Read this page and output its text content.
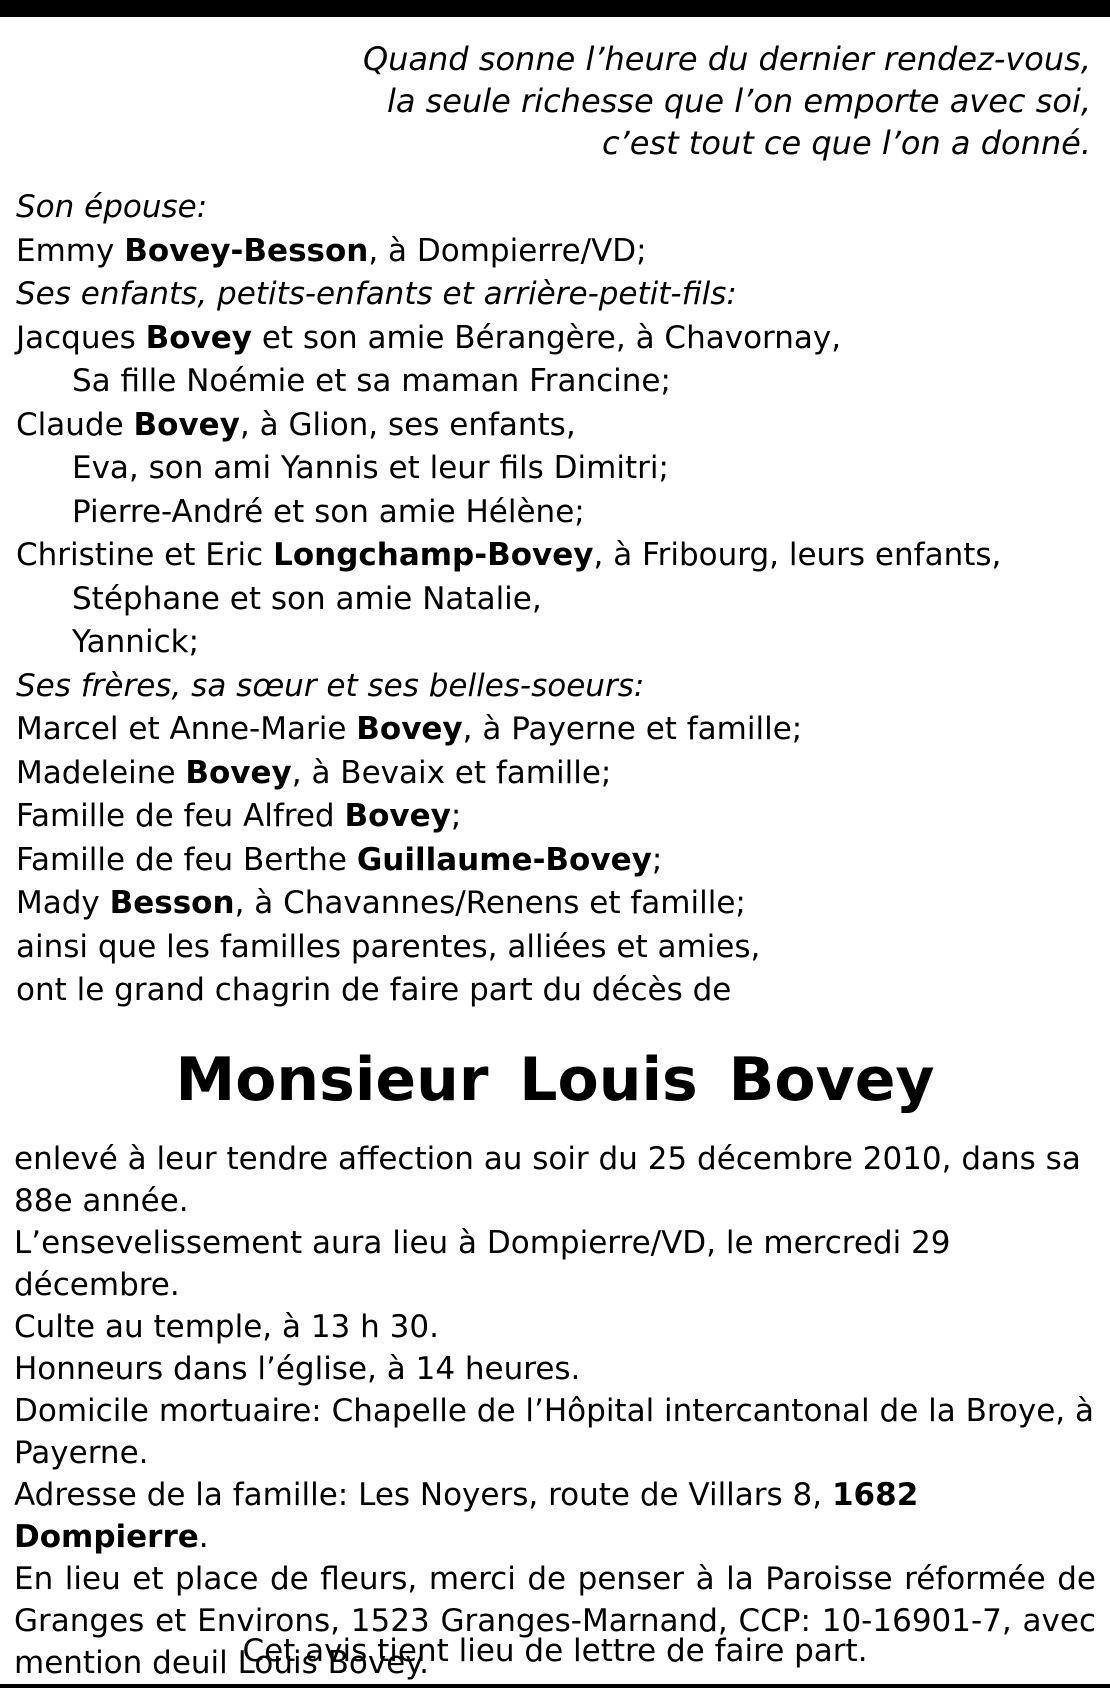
Quand sonne l’heure du dernier rendez-vous,
la seule richesse que l’on emporte avec soi,
c’est tout ce que l’on a donné.
Son épouse:
Emmy Bovey-Besson, à Dompierre/VD;
Ses enfants, petits-enfants et arrière-petit-fils:
Jacques Bovey et son amie Bérangère, à Chavornay,
Sa fille Noémie et sa maman Francine;
Claude Bovey, à Glion, ses enfants,
Eva, son ami Yannis et leur fils Dimitri;
Pierre-André et son amie Hélène;
Christine et Eric Longchamp-Bovey, à Fribourg, leurs enfants,
Stéphane et son amie Natalie,
Yannick;
Ses frères, sa sœur et ses belles-soeurs:
Marcel et Anne-Marie Bovey, à Payerne et famille;
Madeleine Bovey, à Bevaix et famille;
Famille de feu Alfred Bovey;
Famille de feu Berthe Guillaume-Bovey;
Mady Besson, à Chavannes/Renens et famille;
ainsi que les familles parentes, alliées et amies,
ont le grand chagrin de faire part du décès de
Monsieur Louis Bovey

enlevé à leur tendre affection au soir du 25 décembre 2010, dans sa 88e année.

L’ensevelissement aura lieu à Dompierre/VD, le mercredi 29 décembre.

Culte au temple, à 13 h 30.

Honneurs dans l’église, à 14 heures.

Domicile mortuaire: Chapelle de l’Hôpital intercantonal de la Broye, à Payerne.

Adresse de la famille: Les Noyers, route de Villars 8, 1682 Dompierre.

En lieu et place de fleurs, merci de penser à la Paroisse réformée de Granges et Environs, 1523 Granges-Marnand, CCP: 10-16901-7, avec mention deuil Louis Bovey.

Cet avis tient lieu de lettre de faire part.
